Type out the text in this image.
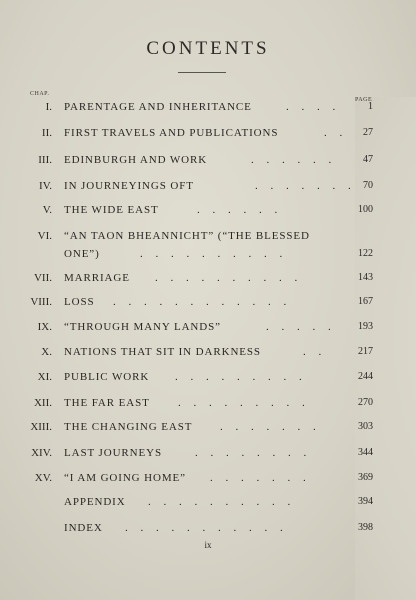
CONTENTS
CHAP.
PAGE
I. PARENTAGE AND INHERITANCE	. . . .	1
II. FIRST TRAVELS AND PUBLICATIONS	. . 27
III. EDINBURGH AND WORK	. . . . . .	47
IV. IN JOURNEYINGS OFT	. . . . . . . 70
V. THE WIDE EAST	. . . . . .	100
VI. “AN TAON BHEANNICHT” (“THE BLESSED
ONE”)	. . . . . . . . . .	122
VII. MARRIAGE . . . . . . . . . .	143
VIII. LOSS . . . . . . . . . . . .	167
IX. “THROUGH MANY LANDS”	. . . . . 193
X. NATIONS THAT SIT IN DARKNESS	. .	217
XI. PUBLIC WORK . . . . . . . . .	244
XII. THE FAR EAST	. . . . . . . . .	270
XIII. THE CHANGING EAST	. . . . . . .	303
XIV. LAST JOURNEYS	. . . . . . . .	344
XV. “I AM GOING HOME” . . . . . . .	369
APPENDIX . . . . . . . . . .	394
INDEX . . . . . . . . . . .	398
ix
